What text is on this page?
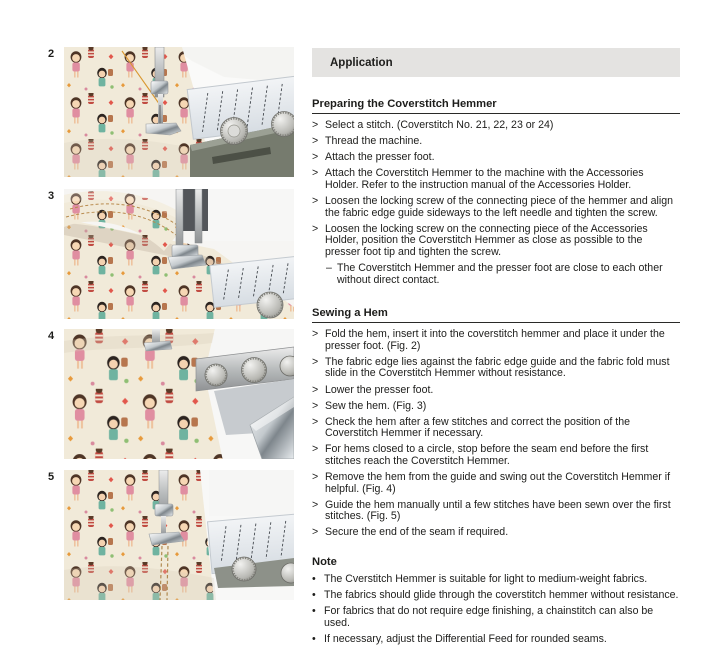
2
3
4
5
Application
Preparing the Coverstitch Hemmer
> Select a stitch. (Coverstitch No. 21, 22, 23 or 24)
> Thread the machine.
> Attach the presser foot.
> Attach the Coverstitch Hemmer to the machine with the Accessories Holder. Refer to the instruction manual of the Accessories Holder.
> Loosen the locking screw of the connecting piece of the hemmer and align the fabric edge guide sideways to the left needle and tighten the screw.
> Loosen the locking screw on the connecting piece of the Accessories Holder, position the Coverstitch Hemmer as close as possible to the presser foot tip and tighten the screw.
– The Coverstitch Hemmer and the presser foot are close to each other without direct contact.
Sewing a Hem
> Fold the hem, insert it into the coverstitch hemmer and place it under the presser foot. (Fig. 2)
> The fabric edge lies against the fabric edge guide and the fabric fold must slide in the Coverstitch Hemmer without resistance.
> Lower the presser foot.
> Sew the hem. (Fig. 3)
> Check the hem after a few stitches and correct the position of the Coverstitch Hemmer if necessary.
> For hems closed to a circle, stop before the seam end before the first stitches reach the Coverstitch Hemmer.
> Remove the hem from the guide and swing out the Coverstitch Hemmer if helpful. (Fig. 4)
> Guide the hem manually until a few stitches have been sewn over the first stitches. (Fig. 5)
> Secure the end of the seam if required.
Note
• The Cverstitch Hemmer is suitable for light to medium-weight fabrics.
• The fabrics should glide through the coverstitch hemmer without resistance.
• For fabrics that do not require edge finishing, a chainstitch can also be used.
• If necessary, adjust the Differential Feed for rounded seams.
